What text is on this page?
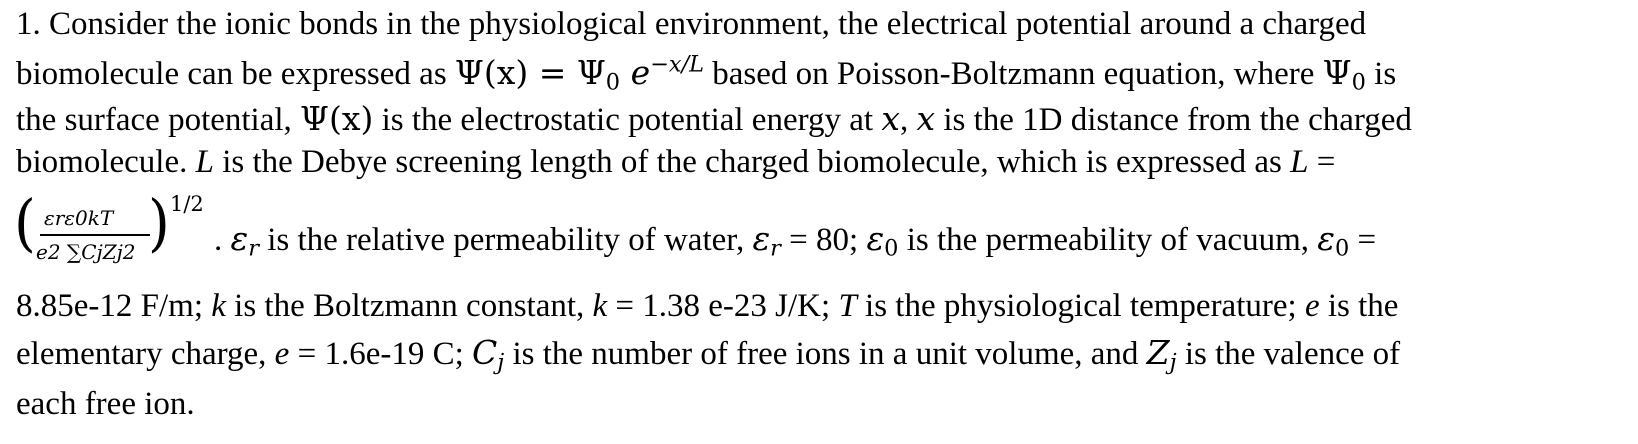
1. Consider the ionic bonds in the physiological environment, the electrical potential around a charged
biomolecule can be expressed as $\Psi(x) = \Psi_0$ $e^{-x/L}$ based on Poisson-Boltzmann equation, where $\Psi_0$ is
the surface potential, Ψ(x) is the electrostatic potential energy at x, x is the 1D distance from the charged
biomolecule. L is the Debye screening length of the charged biomolecule, which is expressed as L =
( εrε0kT
e2 ∑CjZj2 ) 1/2
. $\varepsilon_r$ is the relative permeability of water, $\varepsilon_r = 80$; $\varepsilon_0$ is the permeability of vacuum, $\varepsilon_0$ =
8.85e-12 F/m; k is the Boltzmann constant, k = 1.38 e-23 J/K; T is the physiological temperature; e is the
elementary charge, e = 1.6e-19 C; $C_j$ is the number of free ions in a unit volume, and $Z_j$ is the valence of
each free ion.
